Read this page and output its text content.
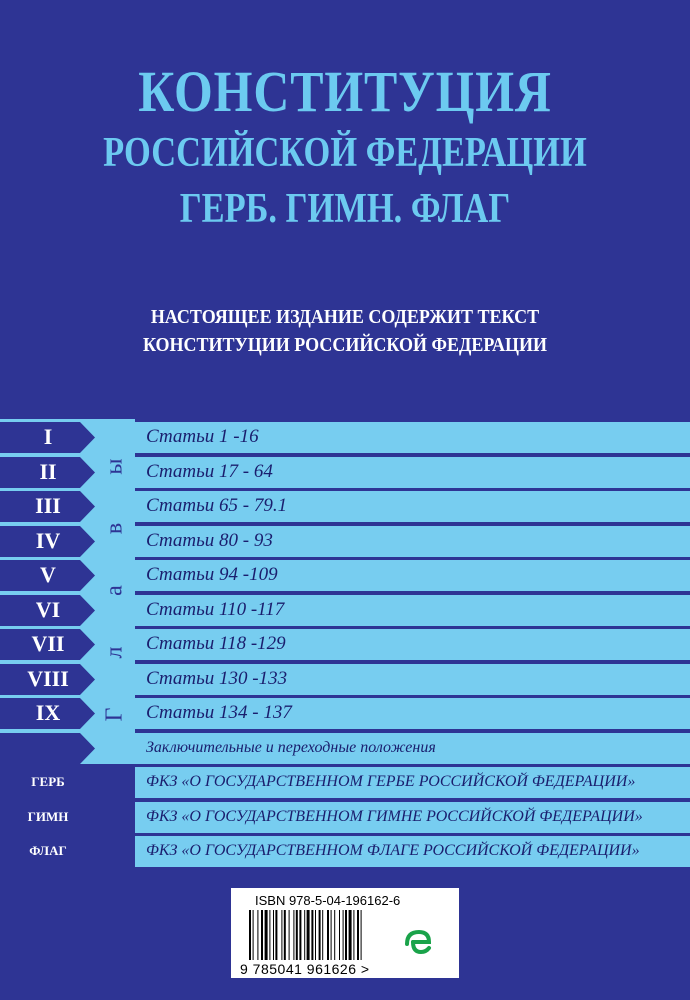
КОНСТИТУЦИЯ
РОССИЙСКОЙ ФЕДЕРАЦИИ
ГЕРБ. ГИМН. ФЛАГ
НАСТОЯЩЕЕ ИЗДАНИЕ СОДЕРЖИТ ТЕКСТ
КОНСТИТУЦИИ РОССИЙСКОЙ ФЕДЕРАЦИИ
I	Статьи 1 -16
II	Статьи 17 - 64
III	Статьи 65 - 79.1
IV	Статьи 80 - 93
V	Статьи 94 -109
VI	Статьи 110 -117
VII	Статьи 118 -129
VIII	Статьи 130 -133
IX	Статьи 134 - 137
Заключительные и переходные положения
ГЕРБ	ФКЗ «О ГОСУДАРСТВЕННОМ ГЕРБЕ РОССИЙСКОЙ ФЕДЕРАЦИИ»
ГИМН	ФКЗ «О ГОСУДАРСТВЕННОМ ГИМНЕ РОССИЙСКОЙ ФЕДЕРАЦИИ»
ФЛАГ	ФКЗ «О ГОСУДАРСТВЕННОМ ФЛАГЕ РОССИЙСКОЙ ФЕДЕРАЦИИ»
Г
л
а
в
ы
ISBN 978-5-04-196162-6
9 785041 961626 >
